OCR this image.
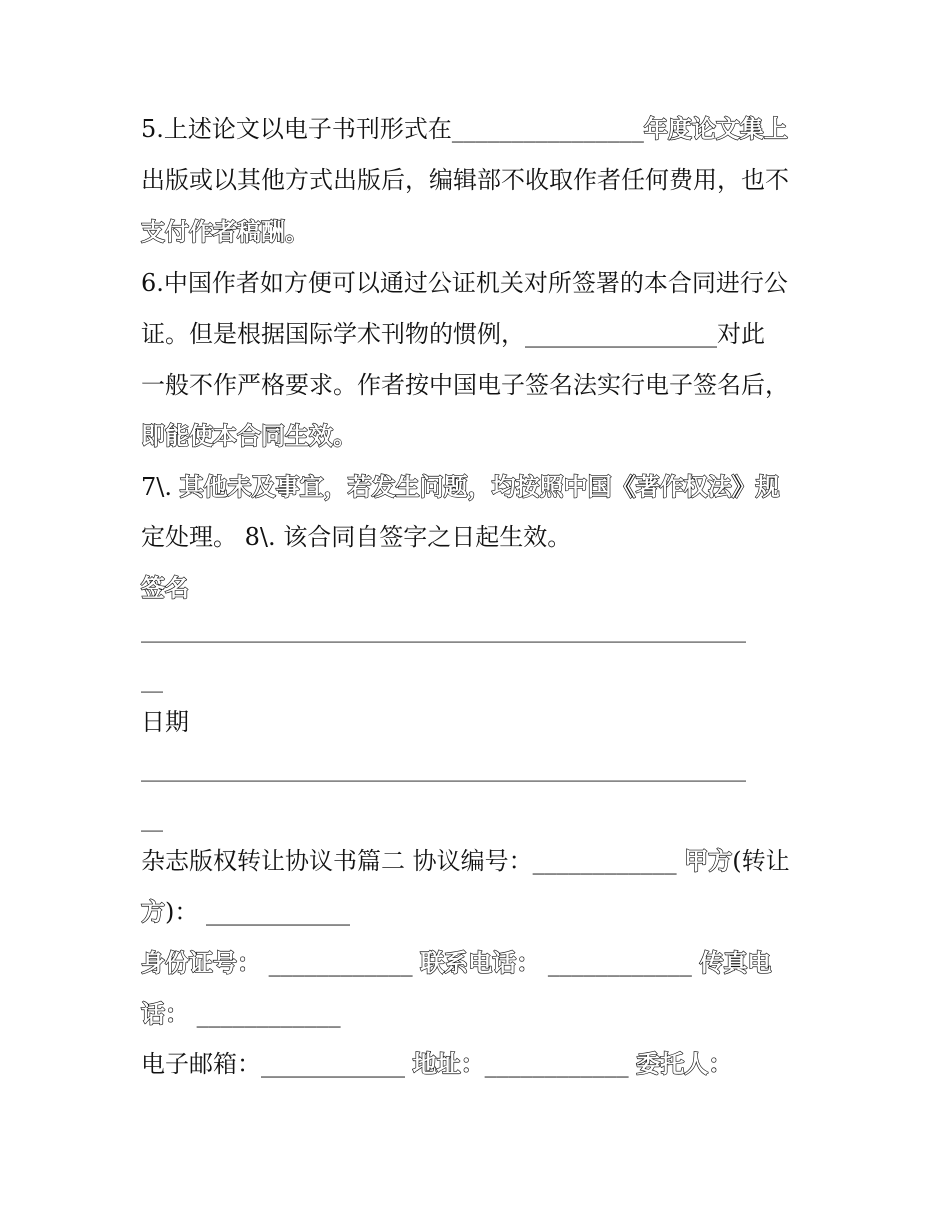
5.上述论文以电子书刊形式在________________年度论文集上
出版或以其他方式出版后，编辑部不收取作者任何费用，也不
支付作者稿酬。
6.中国作者如方便可以通过公证机关对所签署的本合同进行公
证。但是根据国际学术刊物的惯例，________________对此
一般不作严格要求。作者按中国电子签名法实行电子签名后，
即能使本合同生效。
7\. 其他未及事宜，若发生问题，均按照中国《著作权法》规
定处理。 8\. 该合同自签字之日起生效。
签名
_______________________________________________________
__
日期
_______________________________________________________
__
杂志版权转让协议书篇二 协议编号：____________ 甲方(转让
方)： ____________
身份证号： ____________ 联系电话： ____________ 传真电
话： ____________
电子邮箱：____________ 地址：____________ 委托人：
